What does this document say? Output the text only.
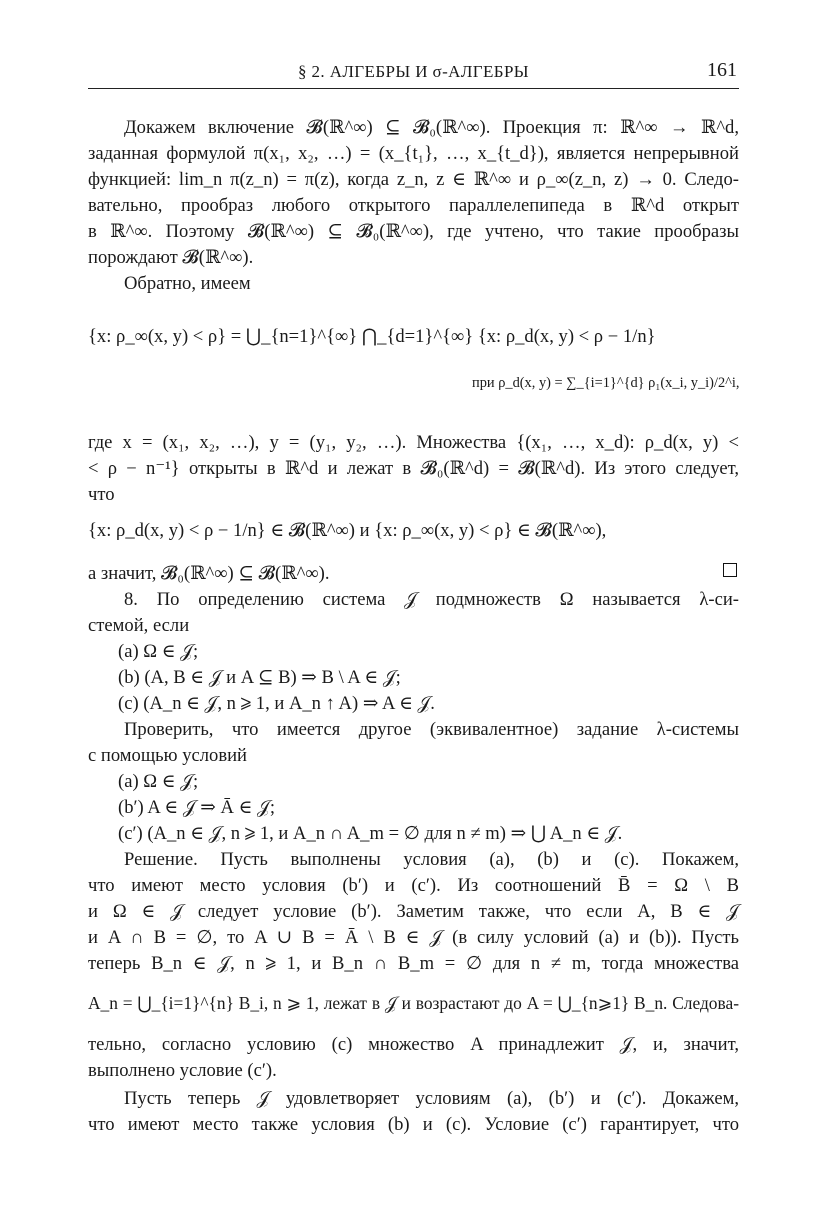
§ 2. АЛГЕБРЫ И σ-АЛГЕБРЫ	161
Докажем включение 𝓑(ℝ^∞) ⊆ 𝓑₀(ℝ^∞). Проекция π: ℝ^∞ → ℝ^d,
заданная формулой π(x₁, x₂, …) = (x_{t₁}, …, x_{t_d}), является непрерывной
функцией: lim_n π(z_n) = π(z), когда z_n, z ∈ ℝ^∞ и ρ_∞(z_n, z) → 0. Следо-
вательно, прообраз любого открытого параллелепипеда в ℝ^d открыт
в ℝ^∞. Поэтому 𝓑(ℝ^∞) ⊆ 𝓑₀(ℝ^∞), где учтено, что такие прообразы
порождают 𝓑(ℝ^∞).
Обратно, имеем
{x: ρ_∞(x, y) < ρ} = ⋃_{n=1}^{∞} ⋂_{d=1}^{∞} {x: ρ_d(x, y) < ρ − 1/n}
при ρ_d(x, y) = ∑_{i=1}^{d} ρ₁(x_i, y_i)/2^i,
где x = (x₁, x₂, …), y = (y₁, y₂, …). Множества {(x₁, …, x_d): ρ_d(x, y) <
< ρ − n⁻¹} открыты в ℝ^d и лежат в 𝓑₀(ℝ^d) = 𝓑(ℝ^d). Из этого следует,
что
{x: ρ_d(x, y) < ρ − 1/n} ∈ 𝓑(ℝ^∞) и {x: ρ_∞(x, y) < ρ} ∈ 𝓑(ℝ^∞),
а значит, 𝓑₀(ℝ^∞) ⊆ 𝓑(ℝ^∞).
8. По определению система 𝒥 подмножеств Ω называется λ-си-
стемой, если
(a) Ω ∈ 𝒥;
(b) (A, B ∈ 𝒥 и A ⊆ B) ⇒ B \ A ∈ 𝒥;
(c) (A_n ∈ 𝒥, n ⩾ 1, и A_n ↑ A) ⇒ A ∈ 𝒥.
Проверить, что имеется другое (эквивалентное) задание λ-системы
с помощью условий
(a) Ω ∈ 𝒥;
(b′) A ∈ 𝒥 ⇒ Ā ∈ 𝒥;
(c′) (A_n ∈ 𝒥, n ⩾ 1, и A_n ∩ A_m = ∅ для n ≠ m) ⇒ ⋃ A_n ∈ 𝒥.
Решение. Пусть выполнены условия (a), (b) и (c). Покажем,
что имеют место условия (b′) и (c′). Из соотношений B̄ = Ω \ B
и Ω ∈ 𝒥 следует условие (b′). Заметим также, что если A, B ∈ 𝒥
и A ∩ B = ∅, то A ∪ B = Ā \ B ∈ 𝒥 (в силу условий (a) и (b)). Пусть
теперь B_n ∈ 𝒥, n ⩾ 1, и B_n ∩ B_m = ∅ для n ≠ m, тогда множества
A_n = ⋃_{i=1}^{n} B_i, n ⩾ 1, лежат в 𝒥 и возрастают до A = ⋃_{n⩾1} B_n. Следова-
тельно, согласно условию (c) множество A принадлежит 𝒥, и, значит,
выполнено условие (c′).
Пусть теперь 𝒥 удовлетворяет условиям (a), (b′) и (c′). Докажем,
что имеют место также условия (b) и (c). Условие (c′) гарантирует, что
